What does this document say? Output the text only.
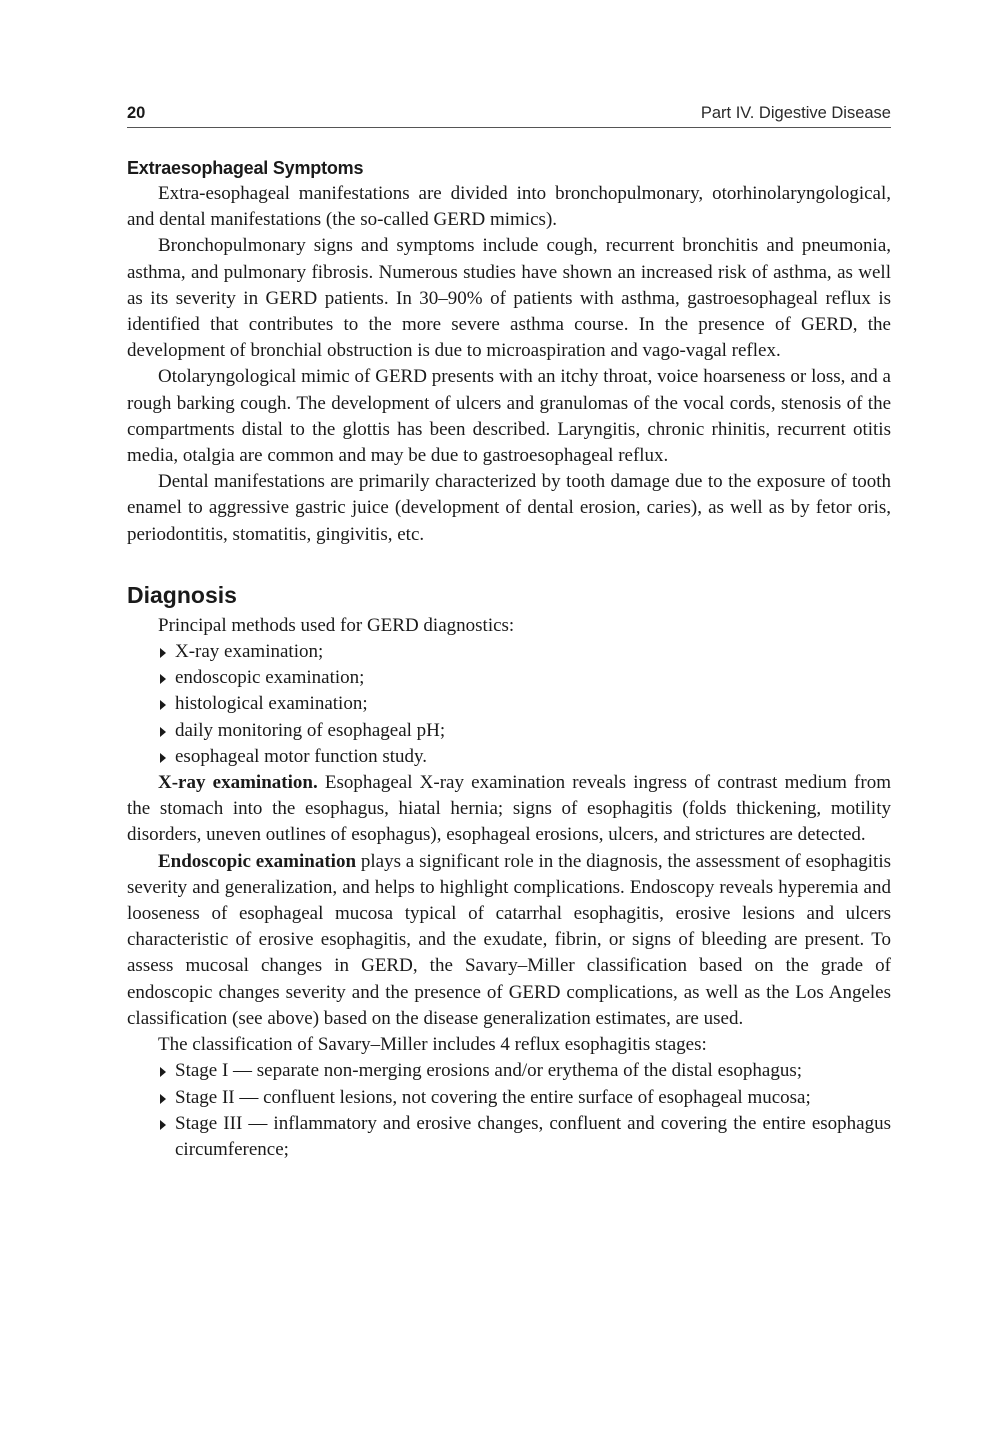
20	Part IV. Digestive Disease
Extraesophageal Symptoms

Extra-esophageal manifestations are divided into bronchopulmonary, otorhinolaryngological, and dental manifestations (the so-called GERD mimics).

Bronchopulmonary signs and symptoms include cough, recurrent bronchitis and pneumonia, asthma, and pulmonary fibrosis. Numerous studies have shown an increased risk of asthma, as well as its severity in GERD patients. In 30–90% of patients with asthma, gastroesophageal reflux is identified that contributes to the more severe asthma course. In the presence of GERD, the development of bronchial obstruction is due to microaspiration and vago-vagal reflex.

Otolaryngological mimic of GERD presents with an itchy throat, voice hoarseness or loss, and a rough barking cough. The development of ulcers and granulomas of the vocal cords, stenosis of the compartments distal to the glottis has been described. Laryngitis, chronic rhinitis, recurrent otitis media, otalgia are common and may be due to gastroesophageal reflux.

Dental manifestations are primarily characterized by tooth damage due to the exposure of tooth enamel to aggressive gastric juice (development of dental erosion, caries), as well as by fetor oris, periodontitis, stomatitis, gingivitis, etc.

Diagnosis

Principal methods used for GERD diagnostics:

X-ray examination;
endoscopic examination;
histological examination;
daily monitoring of esophageal pH;
esophageal motor function study.

X-ray examination. Esophageal X-ray examination reveals ingress of contrast medium from the stomach into the esophagus, hiatal hernia; signs of esophagitis (folds thickening, motility disorders, uneven outlines of esophagus), esophageal erosions, ulcers, and strictures are detected.

Endoscopic examination plays a significant role in the diagnosis, the assessment of esophagitis severity and generalization, and helps to highlight complications. Endoscopy reveals hyperemia and looseness of esophageal mucosa typical of catarrhal esophagitis, erosive lesions and ulcers characteristic of erosive esophagitis, and the exudate, fibrin, or signs of bleeding are present. To assess mucosal changes in GERD, the Savary–Miller classification based on the grade of endoscopic changes severity and the presence of GERD complications, as well as the Los Angeles classification (see above) based on the disease generalization estimates, are used.

The classification of Savary–Miller includes 4 reflux esophagitis stages:

Stage I — separate non-merging erosions and/or erythema of the distal esophagus;
Stage II — confluent lesions, not covering the entire surface of esophageal mucosa;
Stage III — inflammatory and erosive changes, confluent and covering the entire esophagus circumference;
